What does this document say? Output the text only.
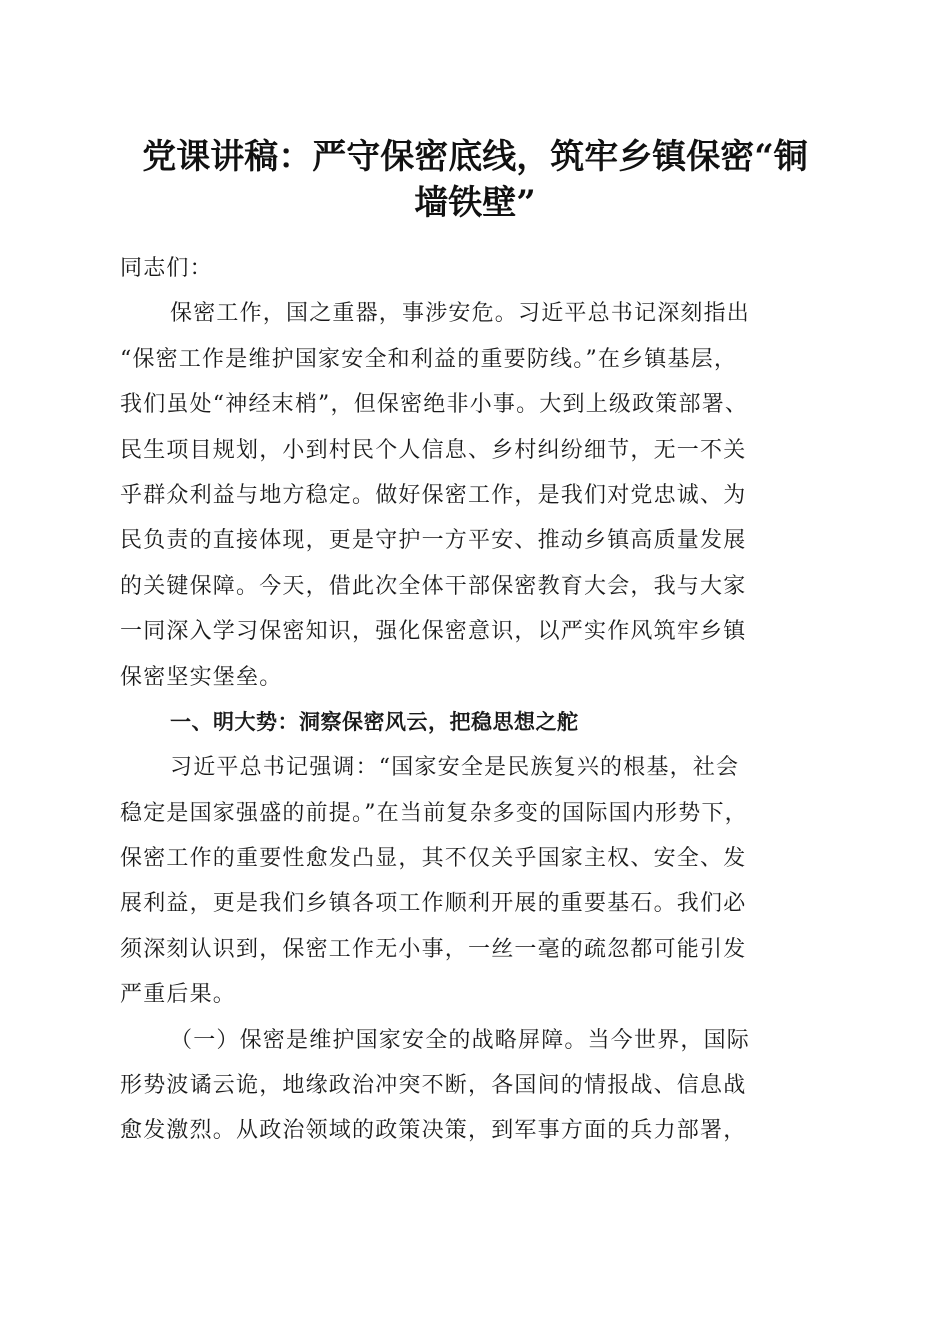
党课讲稿：严守保密底线，筑牢乡镇保密“铜
墙铁壁”
同志们：
保密工作，国之重器，事涉安危。习近平总书记深刻指出
“保密工作是维护国家安全和利益的重要防线。”在乡镇基层，
我们虽处“神经末梢”，但保密绝非小事。大到上级政策部署、
民生项目规划，小到村民个人信息、乡村纠纷细节，无一不关
乎群众利益与地方稳定。做好保密工作，是我们对党忠诚、为
民负责的直接体现，更是守护一方平安、推动乡镇高质量发展
的关键保障。今天，借此次全体干部保密教育大会，我与大家
一同深入学习保密知识，强化保密意识，以严实作风筑牢乡镇
保密坚实堡垒。
一、明大势：洞察保密风云，把稳思想之舵
习近平总书记强调：“国家安全是民族复兴的根基，社会
稳定是国家强盛的前提。”在当前复杂多变的国际国内形势下，
保密工作的重要性愈发凸显，其不仅关乎国家主权、安全、发
展利益，更是我们乡镇各项工作顺利开展的重要基石。我们必
须深刻认识到，保密工作无小事，一丝一毫的疏忽都可能引发
严重后果。
（一）保密是维护国家安全的战略屏障。当今世界，国际
形势波谲云诡，地缘政治冲突不断，各国间的情报战、信息战
愈发激烈。从政治领域的政策决策，到军事方面的兵力部署，
